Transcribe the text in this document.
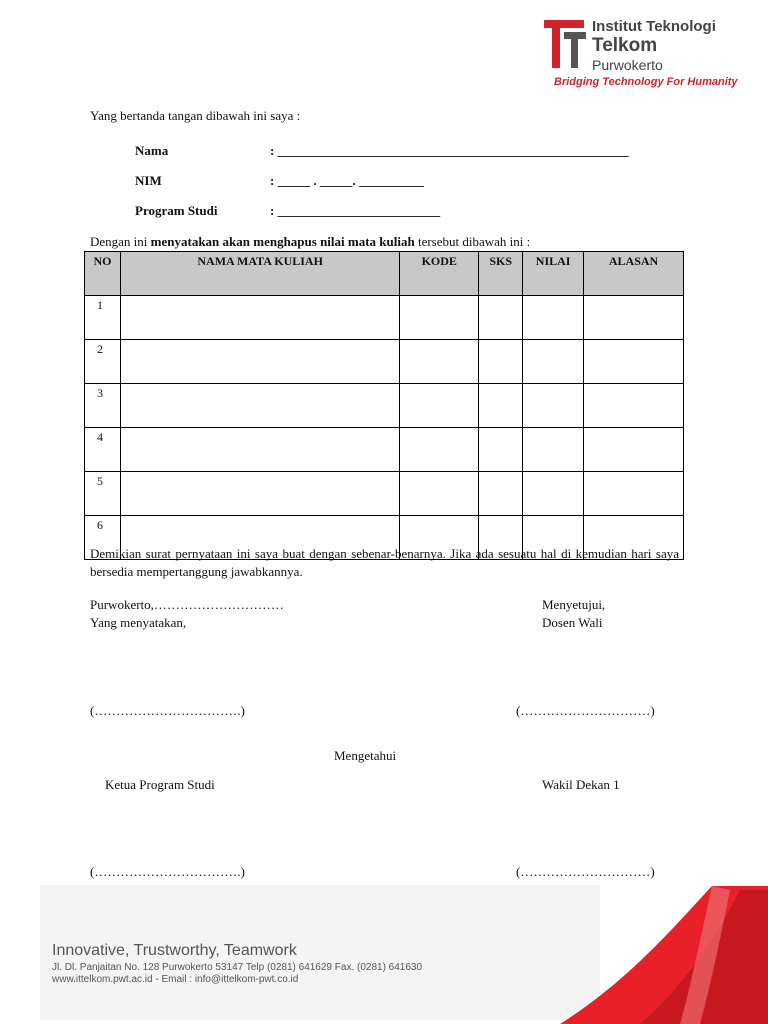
Institut Teknologi
Telkom
Purwokerto
Bridging Technology For Humanity
Yang bertanda tangan dibawah ini saya :
Nama	: ______________________________________________________
NIM	: _____ . _____. __________
Program Studi	: _________________________
Dengan ini menyatakan akan menghapus nilai mata kuliah tersebut dibawah ini :
NO	NAMA MATA KULIAH	KODE	SKS	NILAI	ALASAN
1					
2					
3					
4					
5					
6					
Demikian surat pernyataan ini saya buat dengan sebenar-benarnya. Jika ada sesuatu hal di kemudian hari saya bersedia mempertanggung jawabkannya.
Purwokerto,…………………………
Yang menyatakan,
Menyetujui,
Dosen Wali
(…………………………….)	(…………………………)
Mengetahui
Ketua Program Studi	Wakil Dekan 1
(…………………………….)	(…………………………)
Innovative, Trustworthy, Teamwork
Jl. Dl. Panjaitan No. 128 Purwokerto 53147 Telp (0281) 641629 Fax. (0281) 641630
www.ittelkom.pwt.ac.id - Email : info@ittelkom-pwt.co.id
